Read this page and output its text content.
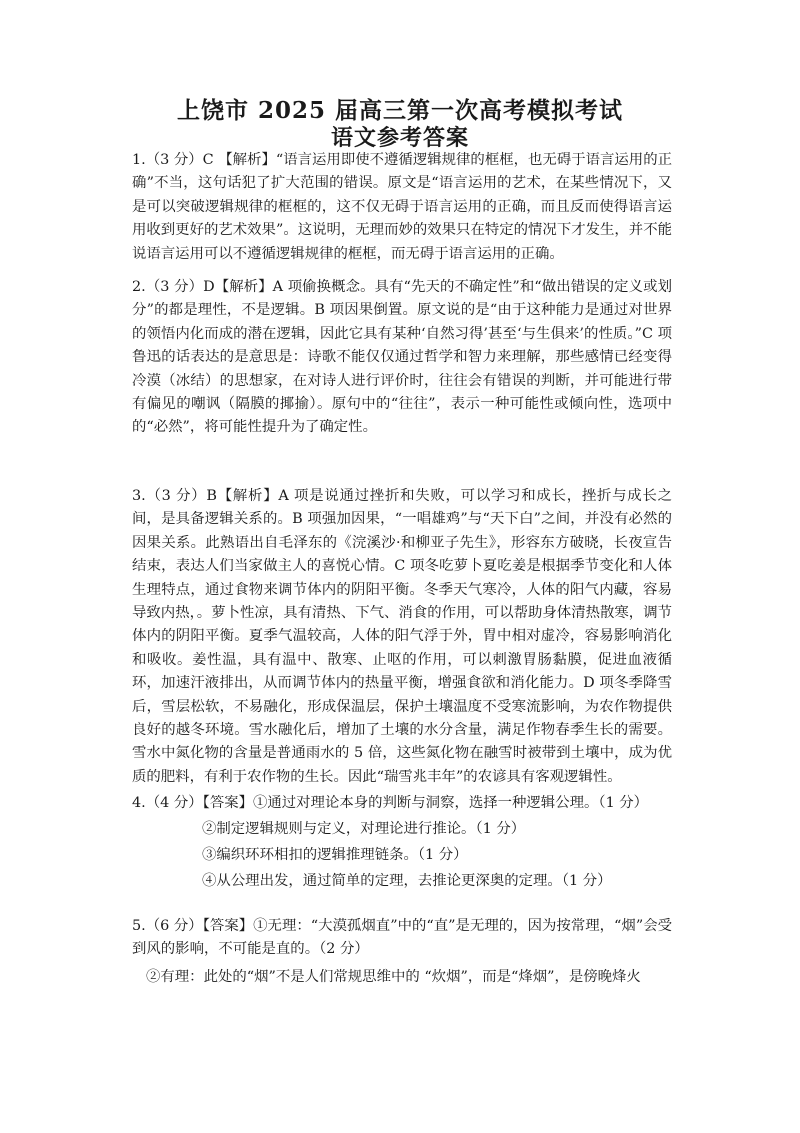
上饶市 2025 届高三第一次高考模拟考试
语文参考答案
1.（3 分）C 【解析】“语言运用即使不遵循逻辑规律的框框，也无碍于语言运用的正确”不当，这句话犯了扩大范围的错误。原文是“语言运用的艺术，在某些情况下，又是可以突破逻辑规律的框框的，这不仅无碍于语言运用的正确，而且反而使得语言运用收到更好的艺术效果”。这说明，无理而妙的效果只在特定的情况下才发生，并不能说语言运用可以不遵循逻辑规律的框框，而无碍于语言运用的正确。
2.（3 分）D【解析】A 项偷换概念。具有“先天的不确定性”和“做出错误的定义或划分”的都是理性，不是逻辑。B 项因果倒置。原文说的是“由于这种能力是通过对世界的领悟内化而成的潜在逻辑，因此它具有某种‘自然习得’甚至‘与生俱来’的性质。”C 项鲁迅的话表达的是意思是：诗歌不能仅仅通过哲学和智力来理解，那些感情已经变得冷漠（冰结）的思想家，在对诗人进行评价时，往往会有错误的判断，并可能进行带有偏见的嘲讽（隔膜的揶揄）。原句中的“往往”，表示一种可能性或倾向性，选项中的“必然”，将可能性提升为了确定性。
3.（3 分）B【解析】A 项是说通过挫折和失败，可以学习和成长，挫折与成长之间，是具备逻辑关系的。B 项强加因果，“一唱雄鸡”与“天下白”之间，并没有必然的因果关系。此熟语出自毛泽东的《浣溪沙·和柳亚子先生》，形容东方破晓，长夜宣告结束，表达人们当家做主人的喜悦心情。C 项冬吃萝卜夏吃姜是根据季节变化和人体生理特点，通过食物来调节体内的阴阳平衡。冬季天气寒冷，人体的阳气内藏，容易导致内热，。萝卜性凉，具有清热、下气、消食的作用，可以帮助身体清热散寒，调节体内的阴阳平衡。夏季气温较高，人体的阳气浮于外，胃中相对虚冷，容易影响消化和吸收。姜性温，具有温中、散寒、止呕的作用，可以刺激胃肠黏膜，促进血液循环，加速汗液排出，从而调节体内的热量平衡，增强食欲和消化能力。D 项冬季降雪后，雪层松软，不易融化，形成保温层，保护土壤温度不受寒流影响，为农作物提供良好的越冬环境。雪水融化后，增加了土壤的水分含量，满足作物春季生长的需要。雪水中氮化物的含量是普通雨水的 5 倍，这些氮化物在融雪时被带到土壤中，成为优质的肥料，有利于农作物的生长。因此“瑞雪兆丰年”的农谚具有客观逻辑性。
4.（4 分）【答案】①通过对理论本身的判断与洞察，选择一种逻辑公理。（1 分）
②制定逻辑规则与定义，对理论进行推论。（1 分）
③编织环环相扣的逻辑推理链条。（1 分）
④从公理出发，通过简单的定理，去推论更深奥的定理。（1 分）
5.（6 分）【答案】①无理：“大漠孤烟直”中的“直”是无理的，因为按常理，“烟”会受到风的影响，不可能是直的。（2 分）
②有理：此处的“烟”不是人们常规思维中的 “炊烟”，而是“烽烟”，是傍晚烽火
